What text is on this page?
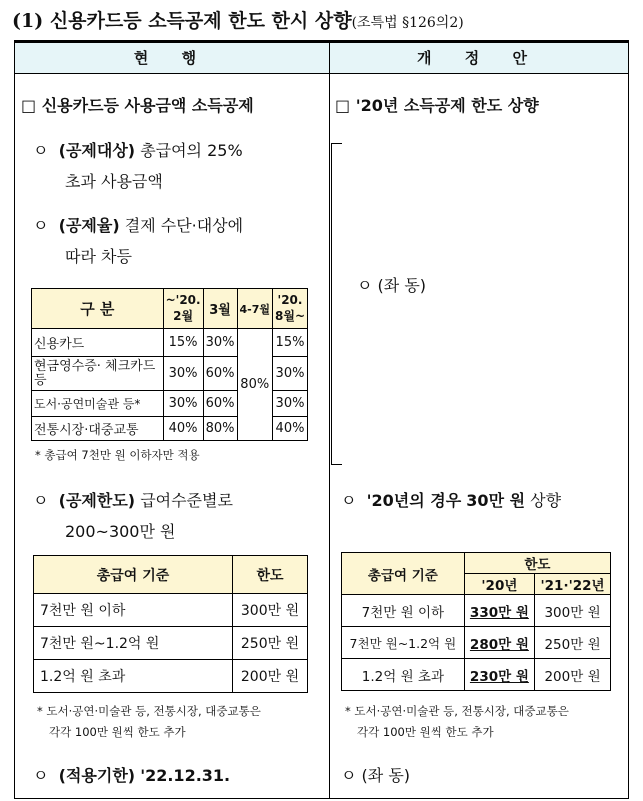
(1) 신용카드등 소득공제 한도 한시 상향(조특법 §126의2)
현 행	개 정 안
□ 신용카드등 사용금액 소득공제
ㅇ (공제대상) 총급여의 25%
초과 사용금액
ㅇ (공제율) 결제 수단·대상에
따라 차등
구 분	~'20. 2월	3월	4-7월	'20. 8월~
신용카드	15%	30%	80%	15%
현금영수증· 체크카드 등	30%	60%		30%
도서·공연미술관 등*	30%	60%		30%
전통시장·대중교통	40%	80%		40%
* 총급여 7천만 원 이하자만 적용
ㅇ (공제한도) 급여수준별로
200~300만 원
총급여 기준	한도
7천만 원 이하	300만 원
7천만 원~1.2억 원	250만 원
1.2억 원 초과	200만 원
* 도서·공연·미술관 등, 전통시장, 대중교통은
각각 100만 원씩 한도 추가
ㅇ (적용기한) '22.12.31.
□ '20년 소득공제 한도 상향
ㅇ (좌 동)
ㅇ '20년의 경우 30만 원 상향
총급여 기준	한도	
	'20년	'21·'22년
7천만 원 이하	330만 원	300만 원
7천만 원~1.2억 원	280만 원	250만 원
1.2억 원 초과	230만 원	200만 원
* 도서·공연·미술관 등, 전통시장, 대중교통은
각각 100만 원씩 한도 추가
ㅇ (좌 동)
